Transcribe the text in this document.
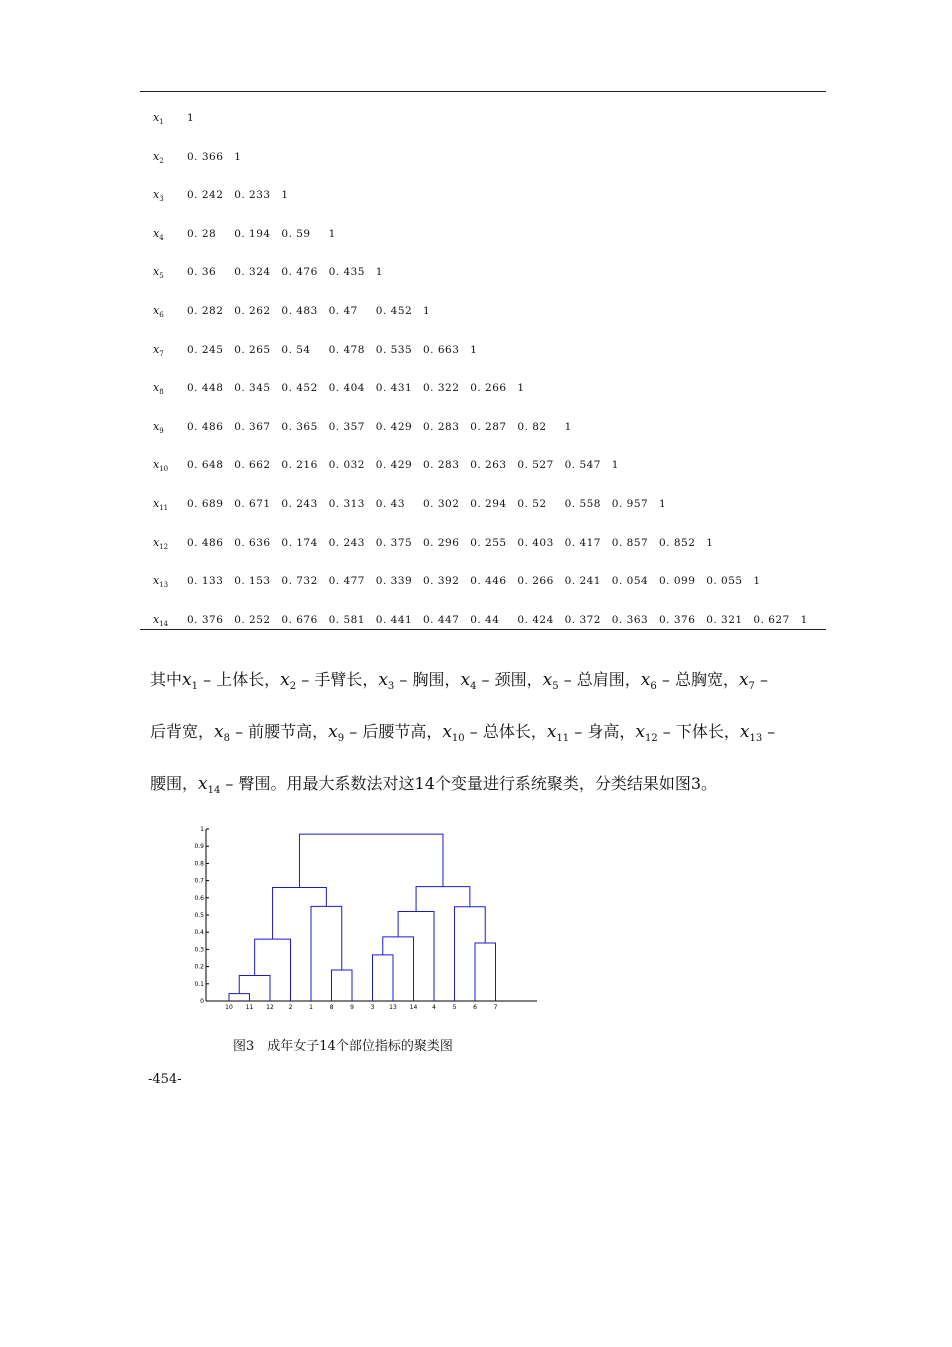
$x_1$ 1
$x_2$ 0. 366 1
$x_3$ 0. 242 0. 233 1
$x_4$ 0. 28 0. 194 0. 59 1
$x_5$ 0. 36 0. 324 0. 476 0. 435 1
$x_6$ 0. 282 0. 262 0. 483 0. 47 0. 452 1
$x_7$ 0. 245 0. 265 0. 54 0. 478 0. 535 0. 663 1
$x_8$ 0. 448 0. 345 0. 452 0. 404 0. 431 0. 322 0. 266 1
$x_9$ 0. 486 0. 367 0. 365 0. 357 0. 429 0. 283 0. 287 0. 82 1
$x_{10}$ 0. 648 0. 662 0. 216 0. 032 0. 429 0. 283 0. 263 0. 527 0. 547 1
$x_{11}$ 0. 689 0. 671 0. 243 0. 313 0. 43 0. 302 0. 294 0. 52 0. 558 0. 957 1
$x_{12}$ 0. 486 0. 636 0. 174 0. 243 0. 375 0. 296 0. 255 0. 403 0. 417 0. 857 0. 852 1
$x_{13}$ 0. 133 0. 153 0. 732 0. 477 0. 339 0. 392 0. 446 0. 266 0. 241 0. 054 0. 099 0. 055 1
$x_{14}$ 0. 376 0. 252 0. 676 0. 581 0. 441 0. 447 0. 44 0. 424 0. 372 0. 363 0. 376 0. 321 0. 627 1
其中$x_1$ – 上体长，$x_2$ – 手臂长，$x_3$ – 胸围，$x_4$ – 颈围，$x_5$ – 总肩围，$x_6$ – 总胸宽，$x_7$ –
后背宽，$x_8$ – 前腰节高，$x_9$ – 后腰节高，$x_{10}$ – 总体长，$x_{11}$ – 身高，$x_{12}$ – 下体长，$x_{13}$ –
腰围，$x_{14}$ – 臀围。用最大系数法对这14个变量进行系统聚类，分类结果如图3。
0
0.1
0.2
0.3
0.4
0.5
0.6
0.7
0.8
0.9
1
10 11 12 2	1	8	9	3 13 14 4	5	6	7
图3　成年女子14个部位指标的聚类图
-454-
